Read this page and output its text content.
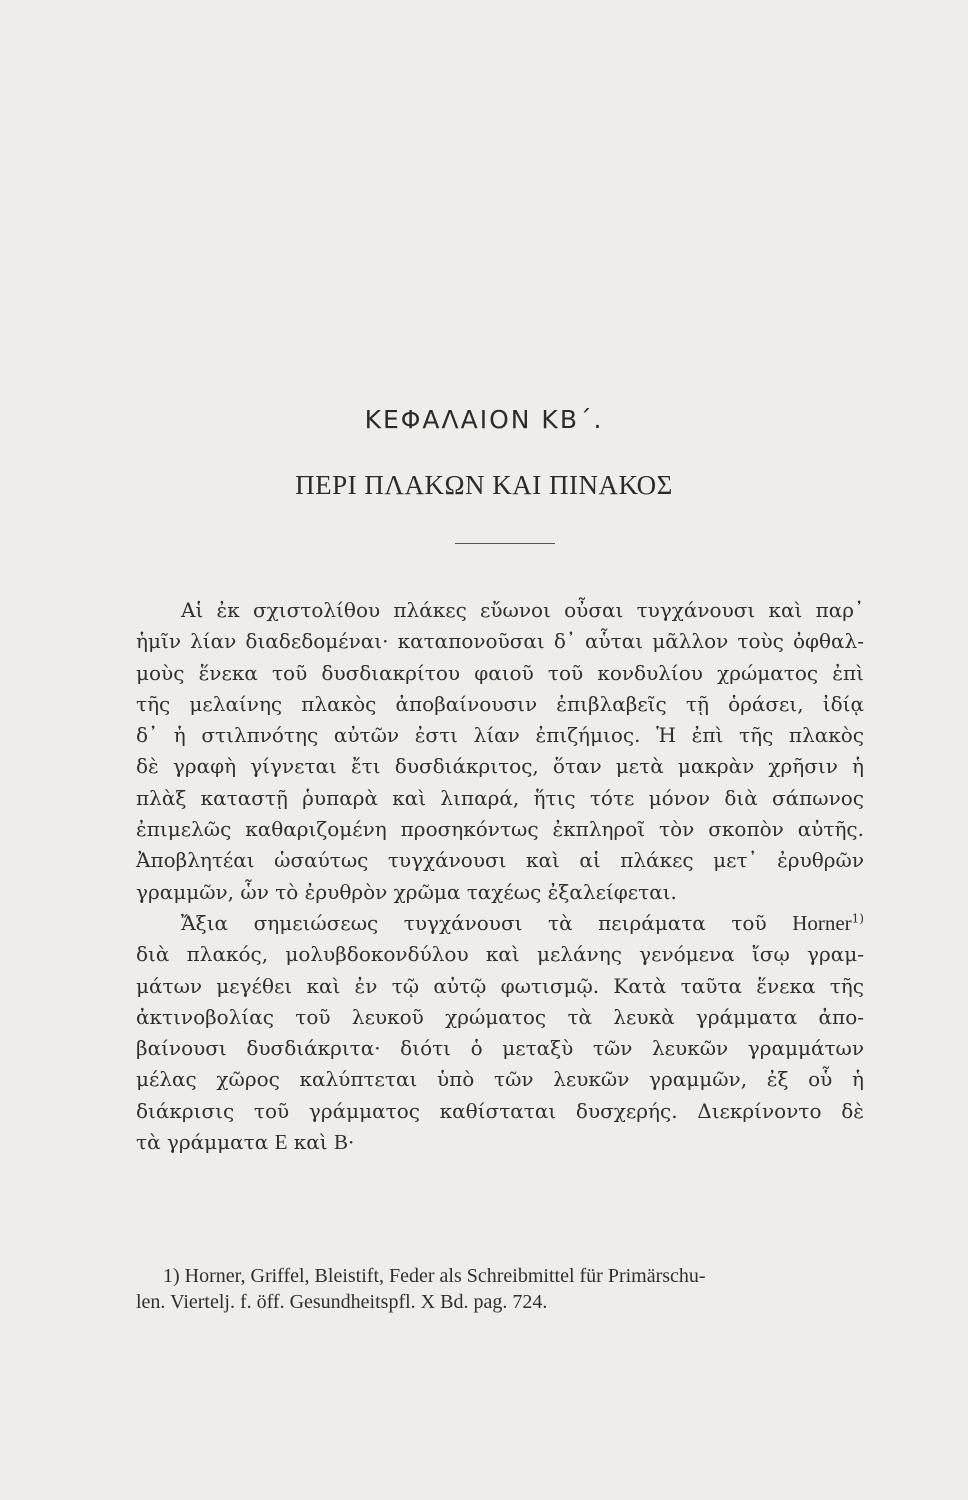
ΚΕΦΑΛΑΙΟΝ ΚΒ΄.
ΠΕΡΙ ΠΛΑΚΩΝ ΚΑΙ ΠΙΝΑΚΟΣ
Αἱ ἐκ σχιστολίθου πλάκες εὔωνοι οὖσαι τυγχάνουσι καὶ παρ᾽
ἡμῖν λίαν διαδεδομέναι· καταπονοῦσαι δ᾽ αὗται μᾶλλον τοὺς ὀφθαλ-
μοὺς ἕνεκα τοῦ δυσδιακρίτου φαιοῦ τοῦ κονδυλίου χρώματος ἐπὶ
τῆς μελαίνης πλακὸς ἀποβαίνουσιν ἐπιβλαβεῖς τῇ ὁράσει, ἰδίᾳ
δ᾽ ἡ στιλπνότης αὐτῶν ἐστι λίαν ἐπιζήμιος. Ἡ ἐπὶ τῆς πλακὸς
δὲ γραφὴ γίγνεται ἔτι δυσδιάκριτος, ὅταν μετὰ μακρὰν χρῆσιν ἡ
πλὰξ καταστῇ ῥυπαρὰ καὶ λιπαρά, ἥτις τότε μόνον διὰ σάπωνος
ἐπιμελῶς καθαριζομένη προσηκόντως ἐκπληροῖ τὸν σκοπὸν αὐτῆς.
Ἀποβλητέαι ὡσαύτως τυγχάνουσι καὶ αἱ πλάκες μετ᾽ ἐρυθρῶν
γραμμῶν, ὧν τὸ ἐρυθρὸν χρῶμα ταχέως ἐξαλείφεται.
Ἄξια σημειώσεως τυγχάνουσι τὰ πειράματα τοῦ Horner$^{1)}$
διὰ πλακός, μολυβδοκονδύλου καὶ μελάνης γενόμενα ἴσῳ γραμ-
μάτων μεγέθει καὶ ἐν τῷ αὐτῷ φωτισμῷ. Κατὰ ταῦτα ἕνεκα τῆς
ἀκτινοβολίας τοῦ λευκοῦ χρώματος τὰ λευκὰ γράμματα ἀπο-
βαίνουσι δυσδιάκριτα· διότι ὁ μεταξὺ τῶν λευκῶν γραμμάτων
μέλας χῶρος καλύπτεται ὑπὸ τῶν λευκῶν γραμμῶν, ἐξ οὗ ἡ
διάκρισις τοῦ γράμματος καθίσταται δυσχερής. Διεκρίνοντο δὲ
τὰ γράμματα E καὶ B·
1) Horner, Griffel, Bleistift, Feder als Schreibmittel für Primärschu-
len. Viertelj. f. öff. Gesundheitspfl. X Bd. pag. 724.
